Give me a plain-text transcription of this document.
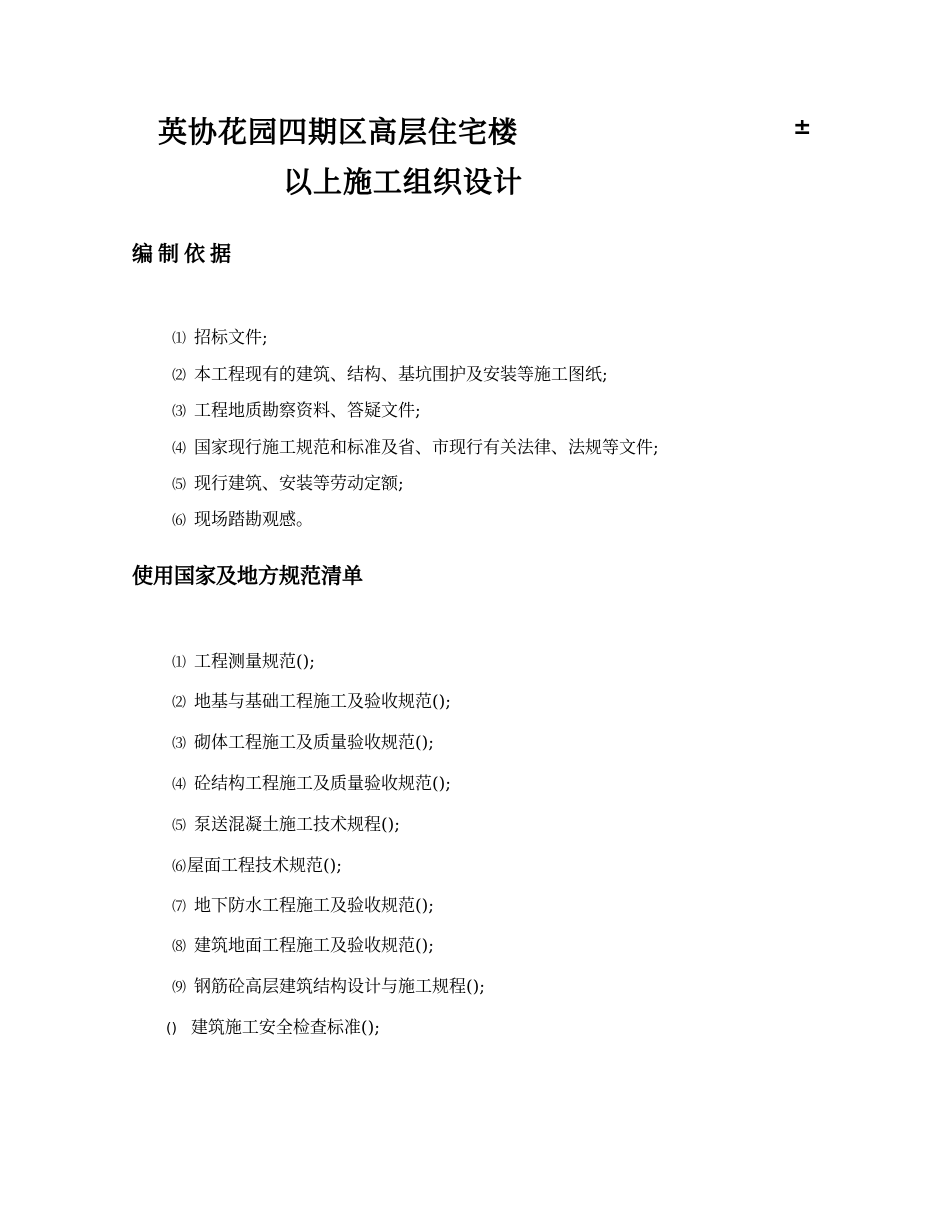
英协花园四期区高层住宅楼	±
以上施工组织设计
编制依据
⑴ 招标文件;
⑵ 本工程现有的建筑、结构、基坑围护及安装等施工图纸;
⑶ 工程地质勘察资料、答疑文件;
⑷ 国家现行施工规范和标准及省、市现行有关法律、法规等文件;
⑸ 现行建筑、安装等劳动定额;
⑹ 现场踏勘观感。
使用国家及地方规范清单
⑴ 工程测量规范();
⑵ 地基与基础工程施工及验收规范();
⑶ 砌体工程施工及质量验收规范();
⑷ 砼结构工程施工及质量验收规范();
⑸ 泵送混凝土施工技术规程();
⑹ 屋面工程技术规范();
⑺ 地下防水工程施工及验收规范();
⑻ 建筑地面工程施工及验收规范();
⑼ 钢筋砼高层建筑结构设计与施工规程();
() 建筑施工安全检查标准();
